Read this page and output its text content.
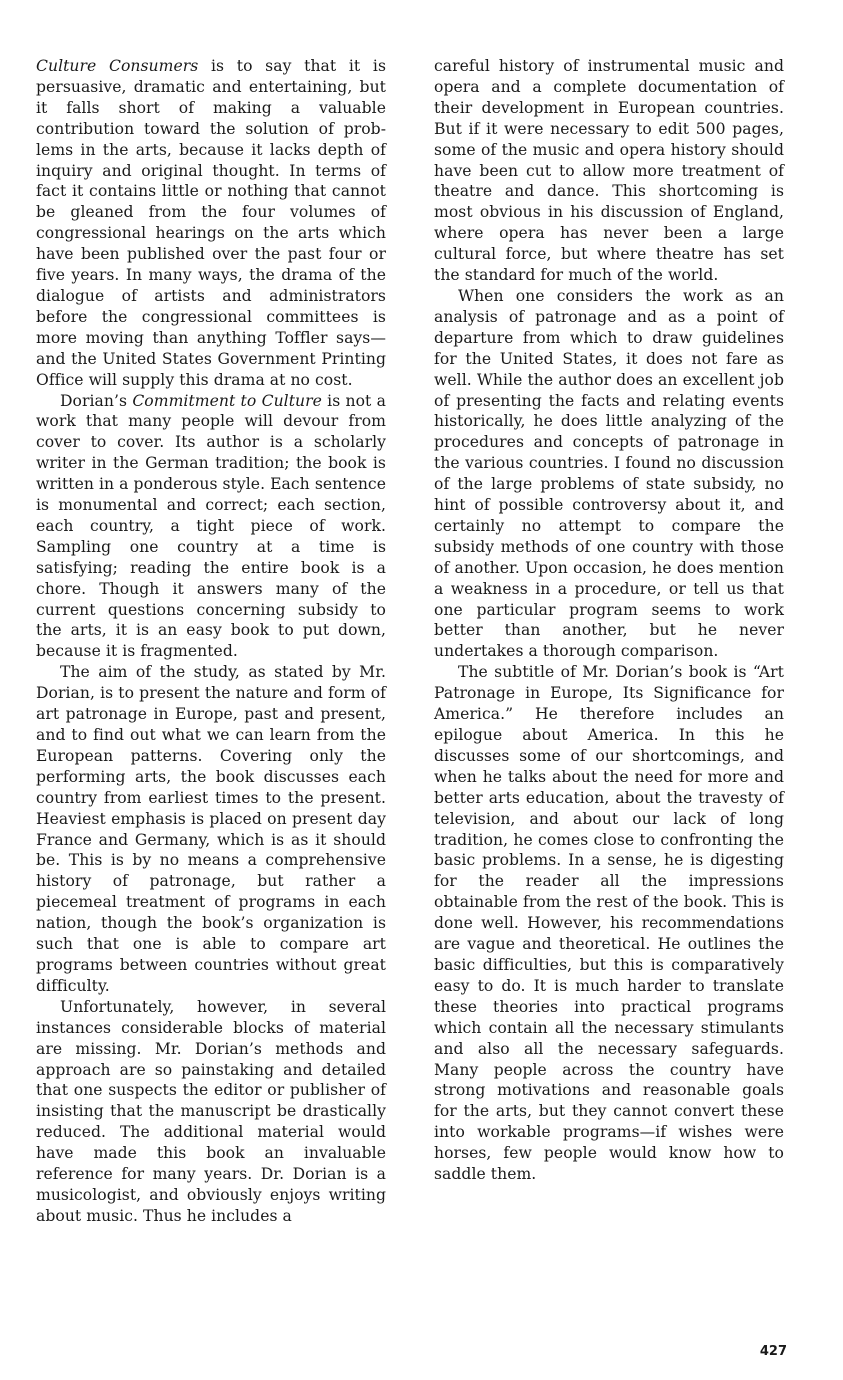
Culture Consumers is to say that it is persuasive, dramatic and entertaining, but it falls short of making a valuable contribution toward the solution of problems in the arts, because it lacks depth of inquiry and original thought. In terms of fact it contains little or nothing that cannot be gleaned from the four volumes of congressional hearings on the arts which have been published over the past four or five years. In many ways, the drama of the dialogue of artists and administrators before the congressional committees is more moving than anything Toffler says—and the United States Government Printing Office will supply this drama at no cost.

Dorian’s Commitment to Culture is not a work that many people will devour from cover to cover. Its author is a scholarly writer in the German tradition; the book is written in a ponderous style. Each sentence is monumental and correct; each section, each country, a tight piece of work. Sampling one country at a time is satisfying; reading the entire book is a chore. Though it answers many of the current questions concerning subsidy to the arts, it is an easy book to put down, because it is fragmented.

The aim of the study, as stated by Mr. Dorian, is to present the nature and form of art patronage in Europe, past and present, and to find out what we can learn from the European patterns. Covering only the performing arts, the book discusses each country from earliest times to the present. Heaviest emphasis is placed on present day France and Germany, which is as it should be. This is by no means a comprehensive history of patronage, but rather a piecemeal treatment of programs in each nation, though the book’s organization is such that one is able to compare art programs between countries without great difficulty.

Unfortunately, however, in several instances considerable blocks of material are missing. Mr. Dorian’s methods and approach are so painstaking and detailed that one suspects the editor or publisher of insisting that the manuscript be drastically reduced. The additional material would have made this book an invaluable reference for many years. Dr. Dorian is a musicologist, and obviously enjoys writing about music. Thus he includes a

careful history of instrumental music and opera and a complete documentation of their development in European countries. But if it were necessary to edit 500 pages, some of the music and opera history should have been cut to allow more treatment of theatre and dance. This shortcoming is most obvious in his discussion of England, where opera has never been a large cultural force, but where theatre has set the standard for much of the world.

When one considers the work as an analysis of patronage and as a point of departure from which to draw guidelines for the United States, it does not fare as well. While the author does an excellent job of presenting the facts and relating events historically, he does little analyzing of the procedures and concepts of patronage in the various countries. I found no discussion of the large problems of state subsidy, no hint of possible controversy about it, and certainly no attempt to compare the subsidy methods of one country with those of another. Upon occasion, he does mention a weakness in a procedure, or tell us that one particular program seems to work better than another, but he never undertakes a thorough comparison.

The subtitle of Mr. Dorian’s book is “Art Patronage in Europe, Its Significance for America.” He therefore includes an epilogue about America. In this he discusses some of our shortcomings, and when he talks about the need for more and better arts education, about the travesty of television, and about our lack of long tradition, he comes close to confronting the basic problems. In a sense, he is digesting for the reader all the impressions obtainable from the rest of the book. This is done well. However, his recommendations are vague and theoretical. He outlines the basic difficulties, but this is comparatively easy to do. It is much harder to translate these theories into practical programs which contain all the necessary stimulants and also all the necessary safeguards. Many people across the country have strong motivations and reasonable goals for the arts, but they cannot convert these into workable programs—if wishes were horses, few people would know how to saddle them.

427
